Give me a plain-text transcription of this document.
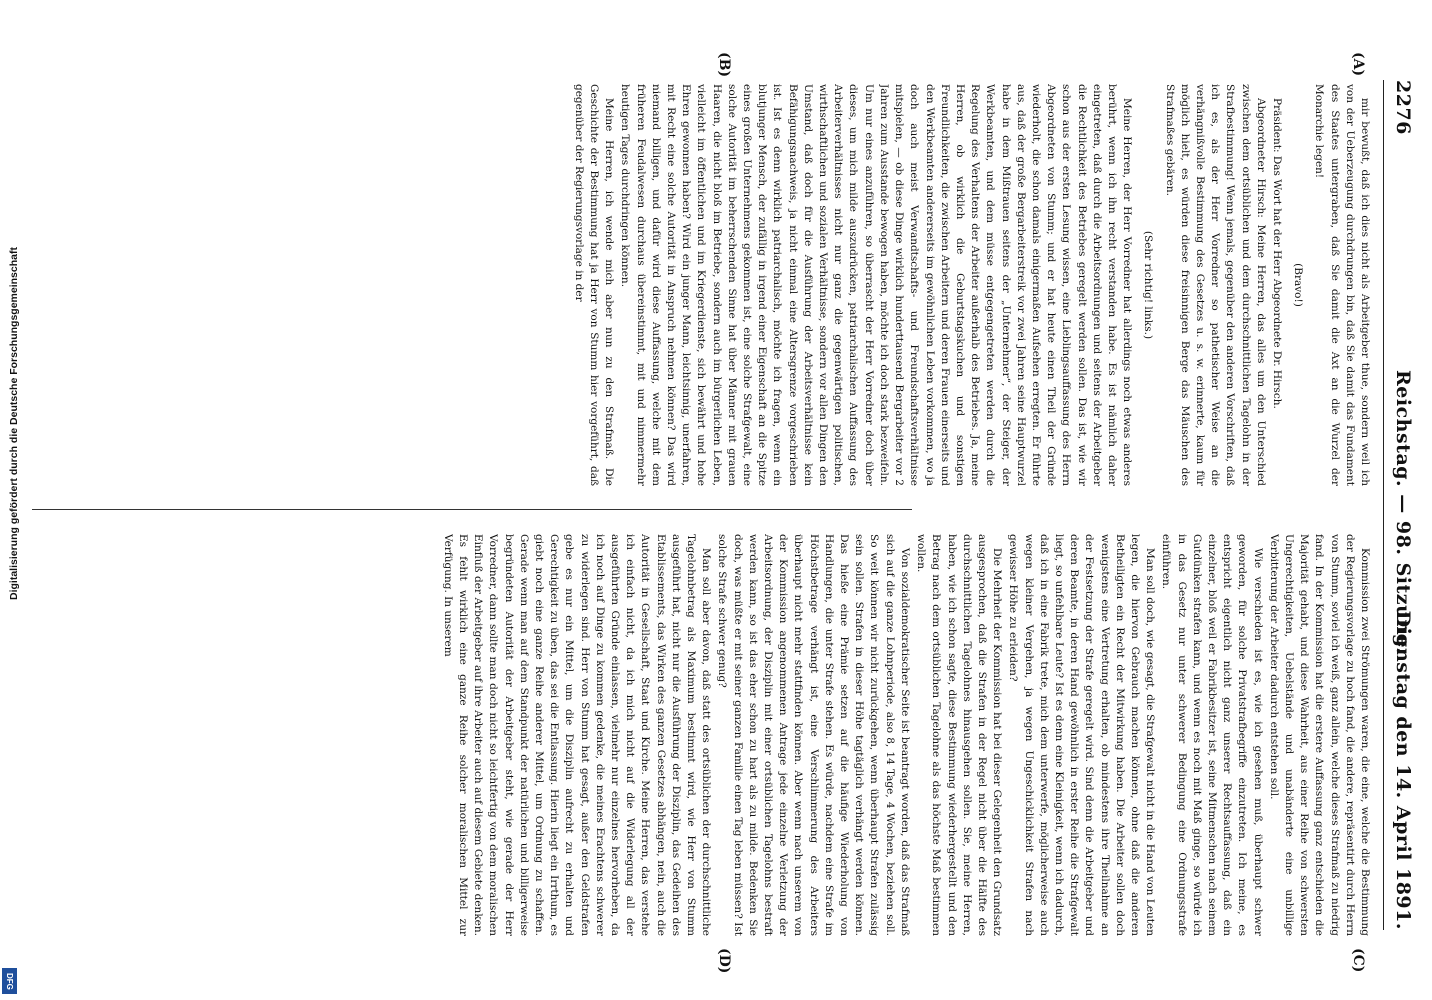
2276
Reichstag. — 98. Sitzung.
Dienstag den 14. April 1891.
(A)
(B)
(C)
(D)

mir bewußt, daß ich dies nicht als Arbeitgeber thue, sondern weil ich von der Ueberzeugung durchdrungen bin, daß Sie damit das Fundament des Staates untergraben, daß Sie damit die Axt an die Wurzel der Monarchie legen!

(Bravo!)

Präsident: Das Wort hat der Herr Abgeordnete Dr. Hirsch.

Abgeordneter Hirsch: Meine Herren, das alles um den Unterschied zwischen dem ortsüblichen und dem durchschnittlichen Tagelohn in der Strafbestimmung! Wenn jemals, gegenüber den anderen Vorschriften, daß ich es, als der Herr Vorredner so pathetischer Weise an die verhängnißvolle Bestimmung des Gesetzes u. s. w. erinnerte, kaum für möglich hielt, es würden diese freisinnigen Berge das Mäuschen des Strafmaßes gebären.

(Sehr richtig! links.)

Meine Herren, der Herr Vorredner hat allerdings noch etwas anderes berührt, wenn ich ihn recht verstanden habe. Es ist nämlich daher eingetreten, daß durch die Arbeitsordnungen und seitens der Arbeitgeber die Rechtlichkeit des Betriebes geregelt werden sollen. Das ist, wie wir schon aus der ersten Lesung wissen, eine Lieblingsauffassung des Herrn Abgeordneten von Stumm; und er hat heute einen Theil der Gründe wiederholt, die schon damals einigermaßen Aufsehen erregten. Er führte aus, daß der große Bergarbeiterstreik vor zwei Jahren seine Hauptwurzel habe in dem Mißtrauen seitens der „Unternehmer“, der Steiger, der Werkbeamten, und dem müsse entgegengetreten werden durch die Regelung des Verhaltens der Arbeiter außerhalb des Betriebes. Ja, meine Herren, ob wirklich die Geburtstagskuchen und sonstigen Freundlichkeiten, die zwischen Arbeitern und deren Frauen einerseits und den Werkbeamten andererseits im gewöhnlichen Leben vorkommen, wo ja doch auch meist Verwandtschafts- und Freundschaftsverhältnisse mitspielen, — ob diese Dinge wirklich hunderttausend Bergarbeiter vor 2 Jahren zum Ausstande bewogen haben, möchte ich doch stark bezweifeln. Um nur eines anzuführen, so überrascht der Herr Vorredner doch über dieses, um mich milde auszudrücken, patriarchalischen Auffassung des Arbeiterverhältnisses nicht nur ganz die gegenwärtigen politischen, wirthschaftlichen und sozialen Verhältnisse, sondern vor allen Dingen den Umstand, daß doch für die Ausführung der Arbeitsverhältnisse kein Befähigungsnachweis, ja nicht einmal eine Altersgrenze vorgeschrieben ist. Ist es denn wirklich patriarchalisch, möchte ich fragen, wenn ein blutjunger Mensch, der zufällig in irgend einer Eigenschaft an die Spitze eines großen Unternehmens gekommen ist, eine solche Strafgewalt, eine solche Autorität im beherrschenden Sinne hat über Männer mit grauen Haaren, die nicht bloß im Betriebe, sondern auch im bürgerlichen Leben, vielleicht im öffentlichen und im Kriegerdienste, sich bewährt und hohe Ehren gewonnen haben? Wird ein junger Mann, leichtsinnig, unerfahren, mit Recht eine solche Autorität in Anspruch nehmen können? Das wird niemand billigen, und dafür wird diese Auffassung, welche mit dem früheren Feudalwesen durchaus übereinstimmt, mit und nimmermehr heutigen Tages durchdringen können.

Meine Herren, ich wende mich aber nun zu den Strafmaß. Die Geschichte der Bestimmung hat ja Herr von Stumm hier vorgeführt, daß gegenüber der Regierungsvorlage in der

Kommission zwei Strömungen waren, die eine, welche die Bestimmung der Regierungsvorlage zu hoch fand, die andere, repräsentirt durch Herrn von Stumm, soviel ich weiß, ganz allein, welche dieses Strafmaß zu niedrig fand. In der Kommission hat die erstere Auffassung ganz entschieden die Majorität gehabt, und diese Wahrheit, aus einer Reihe von schwersten Ungerechtigkeiten, Uebelstände und unabänderte eine unbillige Verbitterung der Arbeiter dadurch entstehen soll.

Wie verschieden ist es, wie ich gesehen muß, überhaupt schwer geworden, für solche Privatstrafbegriffe einzutreten. Ich meine, es entspricht eigentlich nicht ganz unserer Rechtsauffassung, daß ein einzelner, bloß weil er Fabrikbesitzer ist, seine Mitmenschen nach seinem Gutdünken strafen kann, und wenn es noch mit Maß ginge, so würde ich in das Gesetz nur unter schwerer Bedingung eine Ordnungsstrafe einführen.

Man soll doch, wie gesagt, die Strafgewalt nicht in die Hand von Leuten legen, die hiervon Gebrauch machen können, ohne daß die anderen Betheiligten ein Recht der Mitwirkung haben. Die Arbeiter sollen doch wenigstens eine Vertretung erhalten, ob mindestens ihre Theilnahme an der Festsetzung der Strafe geregelt wird. Sind denn die Arbeitgeber und deren Beamte, in deren Hand gewöhnlich in erster Reihe die Strafgewalt liegt, so unfehlbare Leute? Ist es denn eine Kleinigkeit, wenn ich dadurch, daß ich in eine Fabrik trete, mich dem unterwerfe, möglicherweise auch wegen kleiner Vergehen, ja wegen Ungeschicklichkeit Strafen nach gewisser Höhe zu erleiden?

Die Mehrheit der Kommission hat bei dieser Gelegenheit den Grundsatz ausgesprochen, daß die Strafen in der Regel nicht über die Hälfte des durchschnittlichen Tagelohnes hinausgehen sollen. Sie, meine Herren, haben, wie ich schon sagte, diese Bestimmung wiederhergestellt und den Betrag nach dem ortsüblichen Tagelohne als das höchste Maß bestimmen wollen.

Von sozialdemokratischer Seite ist beantragt worden, daß das Strafmaß sich auf die ganze Lohnperiode, also 8, 14 Tage, 4 Wochen, beziehen soll. So weit können wir nicht zurückgehen, wenn überhaupt Strafen zulässig sein sollen. Strafen in dieser Höhe tagtäglich verhängt werden können. Das hieße eine Prämie setzen auf die häufige Wiederholung von Handlungen, die unter Strafe stehen. Es würde, nachdem eine Strafe im Höchstbetrage verhängt ist, eine Verschlimmerung des Arbeiters überhaupt nicht mehr stattfinden können. Aber wenn nach unserem von der Kommission angenommenen Antrage jede einzelne Verletzung der Arbeitsordnung, der Disziplin mit einer ortsüblichen Tagelohns bestraft werden kann, so ist das eher schon zu hart als zu milde. Bedenken Sie doch, was müßte er mit seiner ganzen Familie einen Tag leben müssen? Ist solche Strafe schwer genug?

Man soll aber davon, daß statt des ortsüblichen der durchschnittliche Tagelohnbetrag als Maximum bestimmt wird, wie Herr von Stumm ausgeführt hat, nicht nur die Ausführung der Disziplin, das Gedeihen des Etablissements, das Wirken des ganzen Gesetzes abhängen, nein, auch die Autorität in Gesellschaft, Staat und Kirche. Meine Herren, das verstehe ich einfach nicht, da ich mich nicht auf die Widerlegung all der ausgeführten Gründe einlassen, vielmehr nur einzelnes hervorheben, da ich noch auf Dinge zu kommen gedenke, die meines Erachtens schwerer zu widerlegen sind. Herr von Stumm hat gesagt, außer den Geldstrafen gebe es nur ein Mittel, um die Disziplin aufrecht zu erhalten und Gerechtigkeit zu üben, das sei die Entlassung. Hierin liegt ein Irrthum, es giebt noch eine ganze Reihe anderer Mittel, um Ordnung zu schaffen. Gerade wenn man auf dem Standpunkt der natürlichen und billigerweise begründeten Autorität der Arbeitgeber steht, wie gerade der Herr Vorredner, dann sollte man doch nicht so leichtfertig von dem moralischen Einfluß der Arbeitgeber auf ihre Arbeiter auch auf diesem Gebiete denken. Es fehlt wirklich eine ganze Reihe solcher moralischen Mittel zur Verfügung. In unserem

Digitalisierung gefördert durch die Deutsche Forschungsgemeinschaft
DFG
